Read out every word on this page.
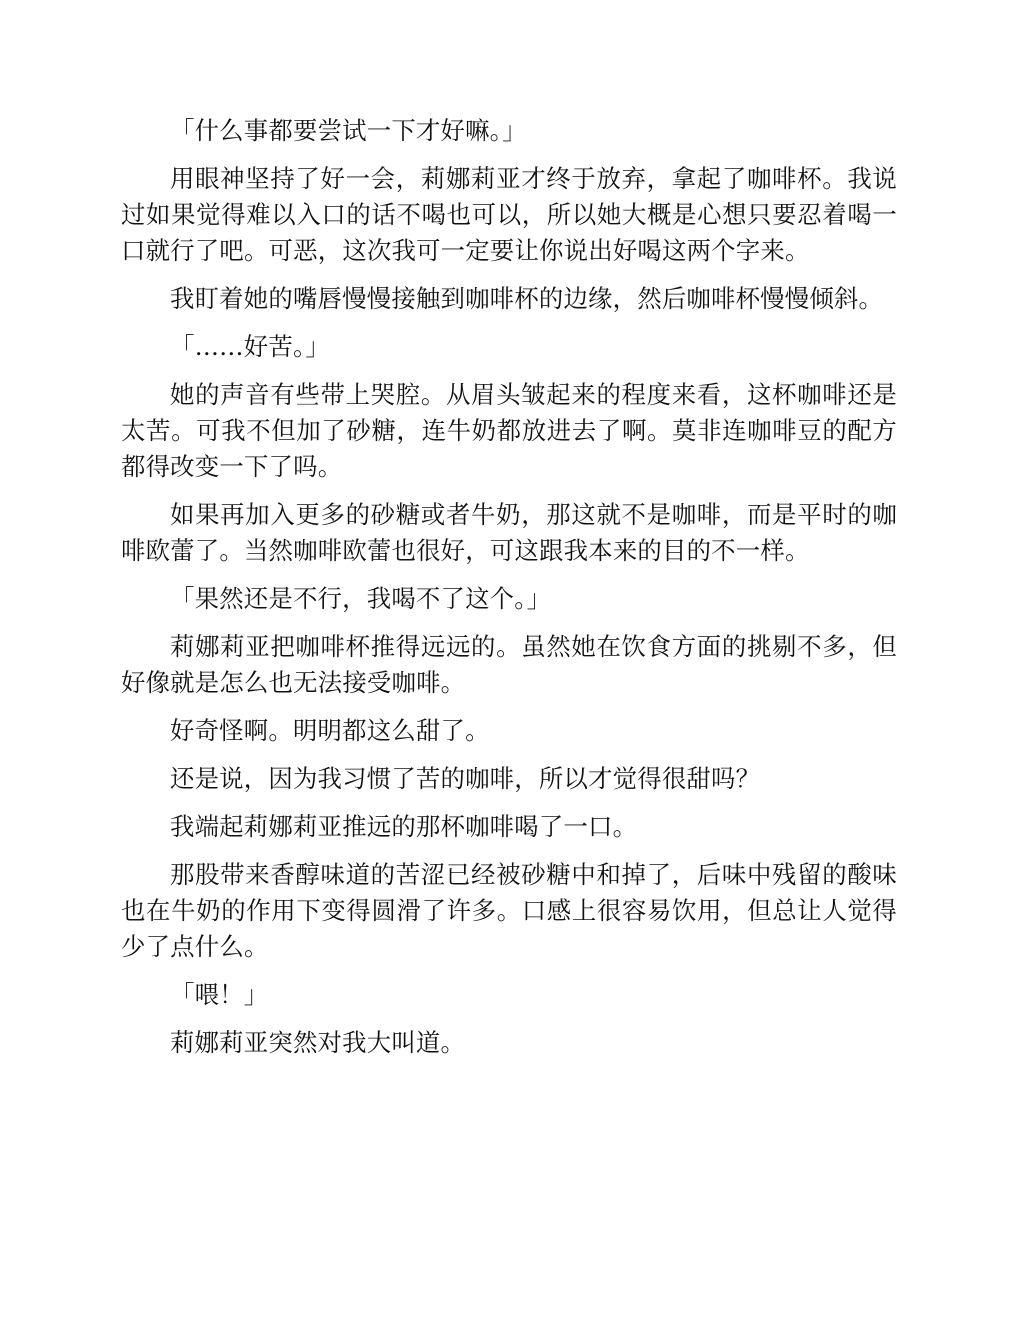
「什么事都要尝试一下才好嘛。」

用眼神坚持了好一会，莉娜莉亚才终于放弃，拿起了咖啡杯。我说过如果觉得难以入口的话不喝也可以，所以她大概是心想只要忍着喝一口就行了吧。可恶，这次我可一定要让你说出好喝这两个字来。

我盯着她的嘴唇慢慢接触到咖啡杯的边缘，然后咖啡杯慢慢倾斜。

「……好苦。」

她的声音有些带上哭腔。从眉头皱起来的程度来看，这杯咖啡还是太苦。可我不但加了砂糖，连牛奶都放进去了啊。莫非连咖啡豆的配方都得改变一下了吗。

如果再加入更多的砂糖或者牛奶，那这就不是咖啡，而是平时的咖啡欧蕾了。当然咖啡欧蕾也很好，可这跟我本来的目的不一样。

「果然还是不行，我喝不了这个。」

莉娜莉亚把咖啡杯推得远远的。虽然她在饮食方面的挑剔不多，但好像就是怎么也无法接受咖啡。

好奇怪啊。明明都这么甜了。

还是说，因为我习惯了苦的咖啡，所以才觉得很甜吗？

我端起莉娜莉亚推远的那杯咖啡喝了一口。

那股带来香醇味道的苦涩已经被砂糖中和掉了，后味中残留的酸味也在牛奶的作用下变得圆滑了许多。口感上很容易饮用，但总让人觉得少了点什么。

「喂！」

莉娜莉亚突然对我大叫道。
